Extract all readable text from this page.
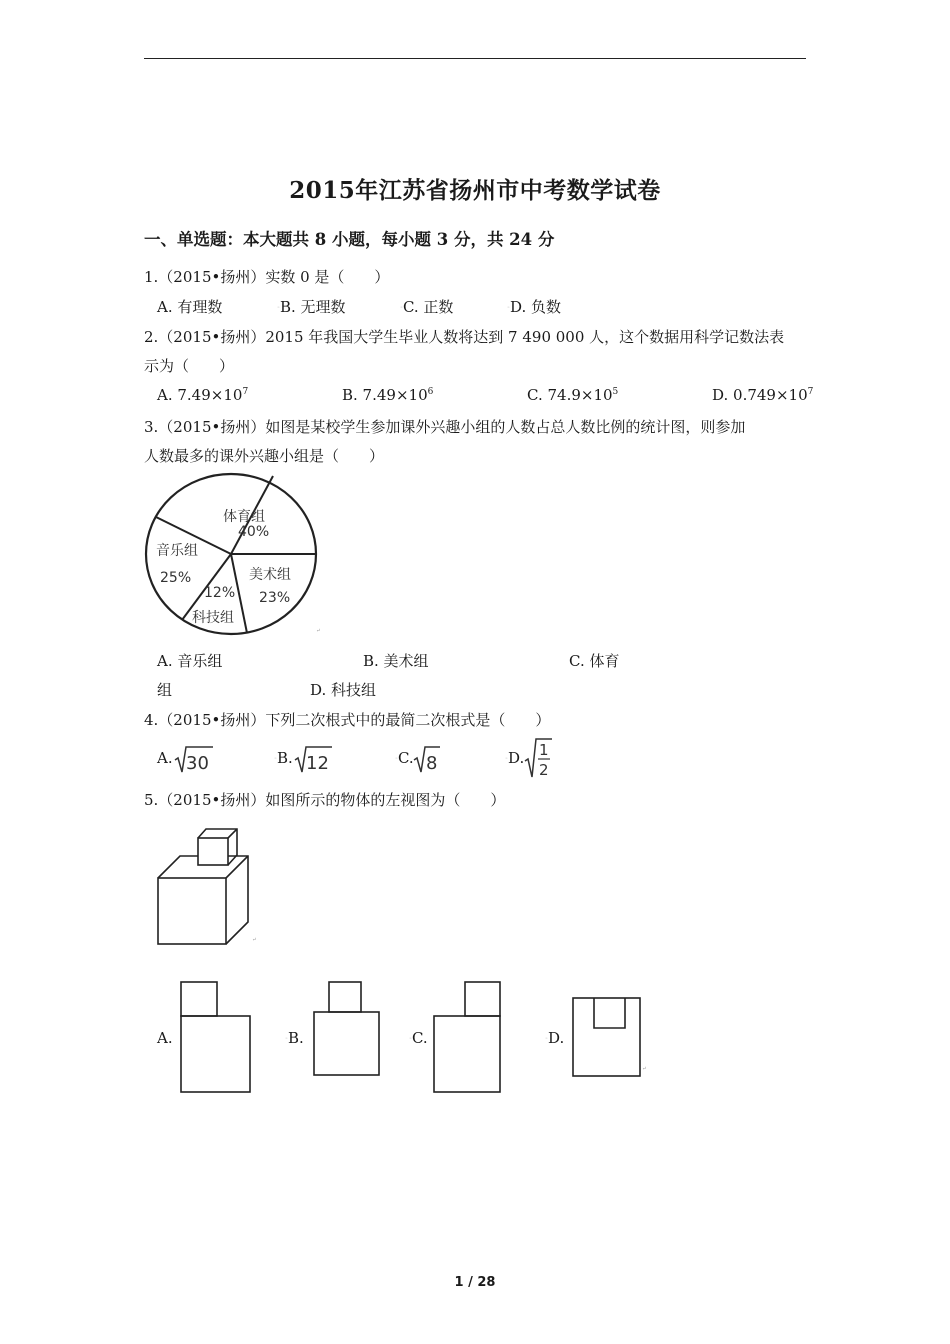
2015年江苏省扬州市中考数学试卷
一、单选题：本大题共 8 小题，每小题 3 分，共 24 分
1.（2015•扬州）实数 0 是（　　）
A. 有理数	◦B. 无理数	◦C. 正数	◦D. 负数
2.（2015•扬州）2015 年我国大学生毕业人数将达到 7 490 000 人，这个数据用科学记数法表
示为（　　）
A. $7.49\times 10^7$	B. $7.49\times 10^6$	C. $74.9\times 10^5$	D. $0.749\times 10^7$
3.（2015•扬州）如图是某校学生参加课外兴趣小组的人数占总人数比例的统计图，则参加
人数最多的课外兴趣小组是（　　）
体育组
40%
美术组
23%
12%
科技组
音乐组
25%
↵
A. 音乐组	B. 美术组	C. 体育
组	D. 科技组
4.（2015•扬州）下列二次根式中的最简二次根式是（　　）
A. 30	◦B. 12	◦C. 8	◦D. 1
2
5.（2015•扬州）如图所示的物体的左视图为（　　）
↵
A.	◦B.	◦C.	◦D.
↵
1 / 28
